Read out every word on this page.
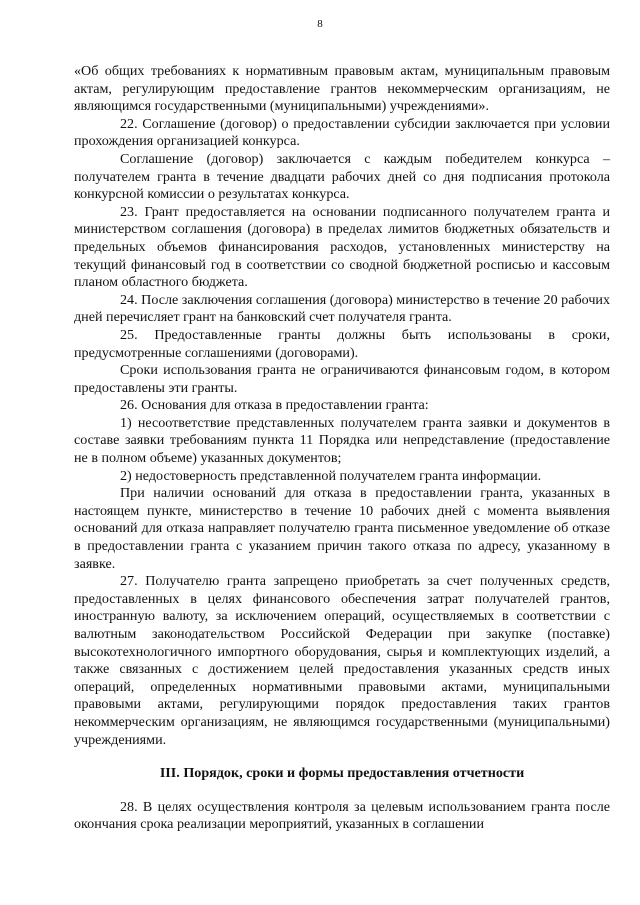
8

«Об общих требованиях к нормативным правовым актам, муниципальным правовым актам, регулирующим предоставление грантов некоммерческим организациям, не являющимся государственными (муниципальными) учреждениями».

22. Соглашение (договор) о предоставлении субсидии заключается при условии прохождения организацией конкурса.

Соглашение (договор) заключается с каждым победителем конкурса – получателем гранта в течение двадцати рабочих дней со дня подписания протокола конкурсной комиссии о результатах конкурса.

23. Грант предоставляется на основании подписанного получателем гранта и министерством соглашения (договора) в пределах лимитов бюджетных обязательств и предельных объемов финансирования расходов, установленных министерству на текущий финансовый год в соответствии со сводной бюджетной росписью и кассовым планом областного бюджета.

24. После заключения соглашения (договора) министерство в течение 20 рабочих дней перечисляет грант на банковский счет получателя гранта.

25. Предоставленные гранты должны быть использованы в сроки, предусмотренные соглашениями (договорами).

Сроки использования гранта не ограничиваются финансовым годом, в котором предоставлены эти гранты.

26. Основания для отказа в предоставлении гранта:

1) несоответствие представленных получателем гранта заявки и документов в составе заявки требованиям пункта 11 Порядка или непредставление (предоставление не в полном объеме) указанных документов;

2) недостоверность представленной получателем гранта информации.

При наличии оснований для отказа в предоставлении гранта, указанных в настоящем пункте, министерство в течение 10 рабочих дней с момента выявления оснований для отказа направляет получателю гранта письменное уведомление об отказе в предоставлении гранта с указанием причин такого отказа по адресу, указанному в заявке.

27. Получателю гранта запрещено приобретать за счет полученных средств, предоставленных в целях финансового обеспечения затрат получателей грантов, иностранную валюту, за исключением операций, осуществляемых в соответствии с валютным законодательством Российской Федерации при закупке (поставке) высокотехнологичного импортного оборудования, сырья и комплектующих изделий, а также связанных с достижением целей предоставления указанных средств иных операций, определенных нормативными правовыми актами, муниципальными правовыми актами, регулирующими порядок предоставления таких грантов некоммерческим организациям, не являющимся государственными (муниципальными) учреждениями.

III. Порядок, сроки и формы предоставления отчетности

28. В целях осуществления контроля за целевым использованием гранта после окончания срока реализации мероприятий, указанных в соглашении
